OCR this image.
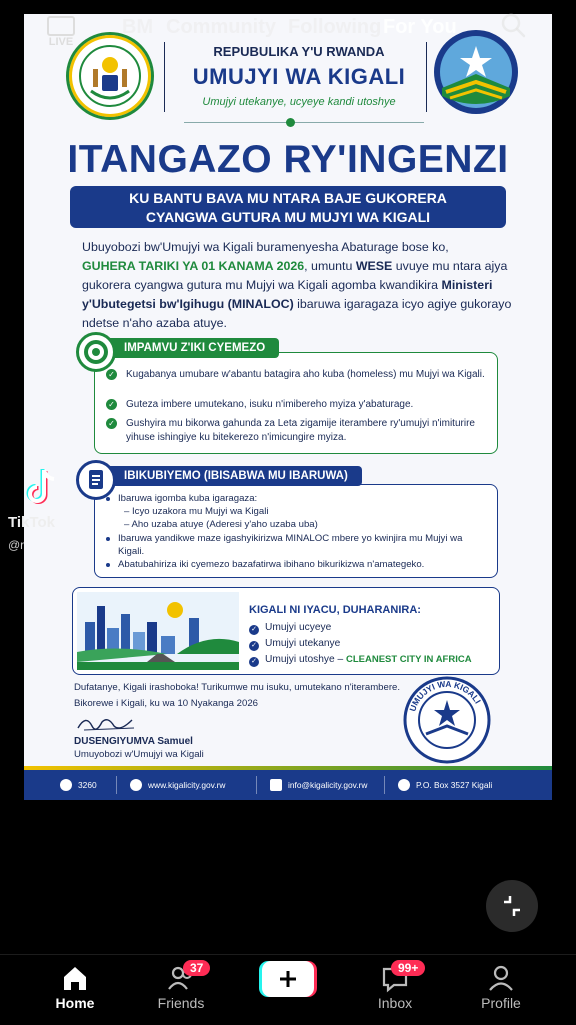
REPUBULIKA Y'U RWANDA
UMUJYI WA KIGALI
Umujyi utekanye, ucyeye kandi utoshye
ITANGAZO RY'INGENZI
KU BANTU BAVA MU NTARA BAJE GUKORERA
CYANGWA GUTURA MU MUJYI WA KIGALI
Ubuyobozi bw'Umujyi wa Kigali buramenyesha Abaturage bose ko,
GUHERA TARIKI YA 01 KANAMA 2026, umuntu WESE uvuye mu ntara ajya gukorera cyangwa gutura mu Mujyi wa Kigali agomba kwandikira Ministeri y'Ubutegetsi bw'Igihugu (MINALOC) ibaruwa igaragaza icyo agiye gukorayo ndetse n'aho azaba atuye.
IMPAMVU Z'IKI CYEMEZO
✓ Kugabanya umubare w'abantu batagira aho kuba (homeless) mu Mujyi wa Kigali.
✓ Guteza imbere umutekano, isuku n'imibereho myiza y'abaturage.
✓ Gushyira mu bikorwa gahunda za Leta zigamije iterambere ry'umujyi n'imiturire yihuse ishingiye ku bitekerezo n'imicungire myiza.
IBIKUBIYEMO (IBISABWA MU IBARUWA)
Ibaruwa igomba kuba igaragaza:
– Icyo uzakora mu Mujyi wa Kigali
– Aho uzaba atuye (Aderesi y'aho uzaba uba)
Ibaruwa yandikwe maze igashyikirizwa MINALOC mbere yo kwinjira mu Mujyi wa Kigali.
Abatubahiriza iki cyemezo bazafatirwa ibihano bikurikizwa n'amategeko.
KIGALI NI IYACU, DUHARANIRA:
✓ Umujyi ucyeye
✓ Umujyi utekanye
✓ Umujyi utoshye – CLEANEST CITY IN AFRICA
Dufatanye, Kigali irashoboka! Turikumwe mu isuku, umutekano n'iterambere.
Bikorewe i Kigali, ku wa 10 Nyakanga 2026
DUSENGIYUMVA Samuel
Umuyobozi w'Umujyi wa Kigali
UMUJYI WA KIGALI
3260	www.kigalicity.gov.rw	info@kigalicity.gov.rw	P.O. Box 3527 Kigali
LIVE
BM Community Following For You
TikTok
@r
Home	Friends
37
Inbox
99+
Profile
